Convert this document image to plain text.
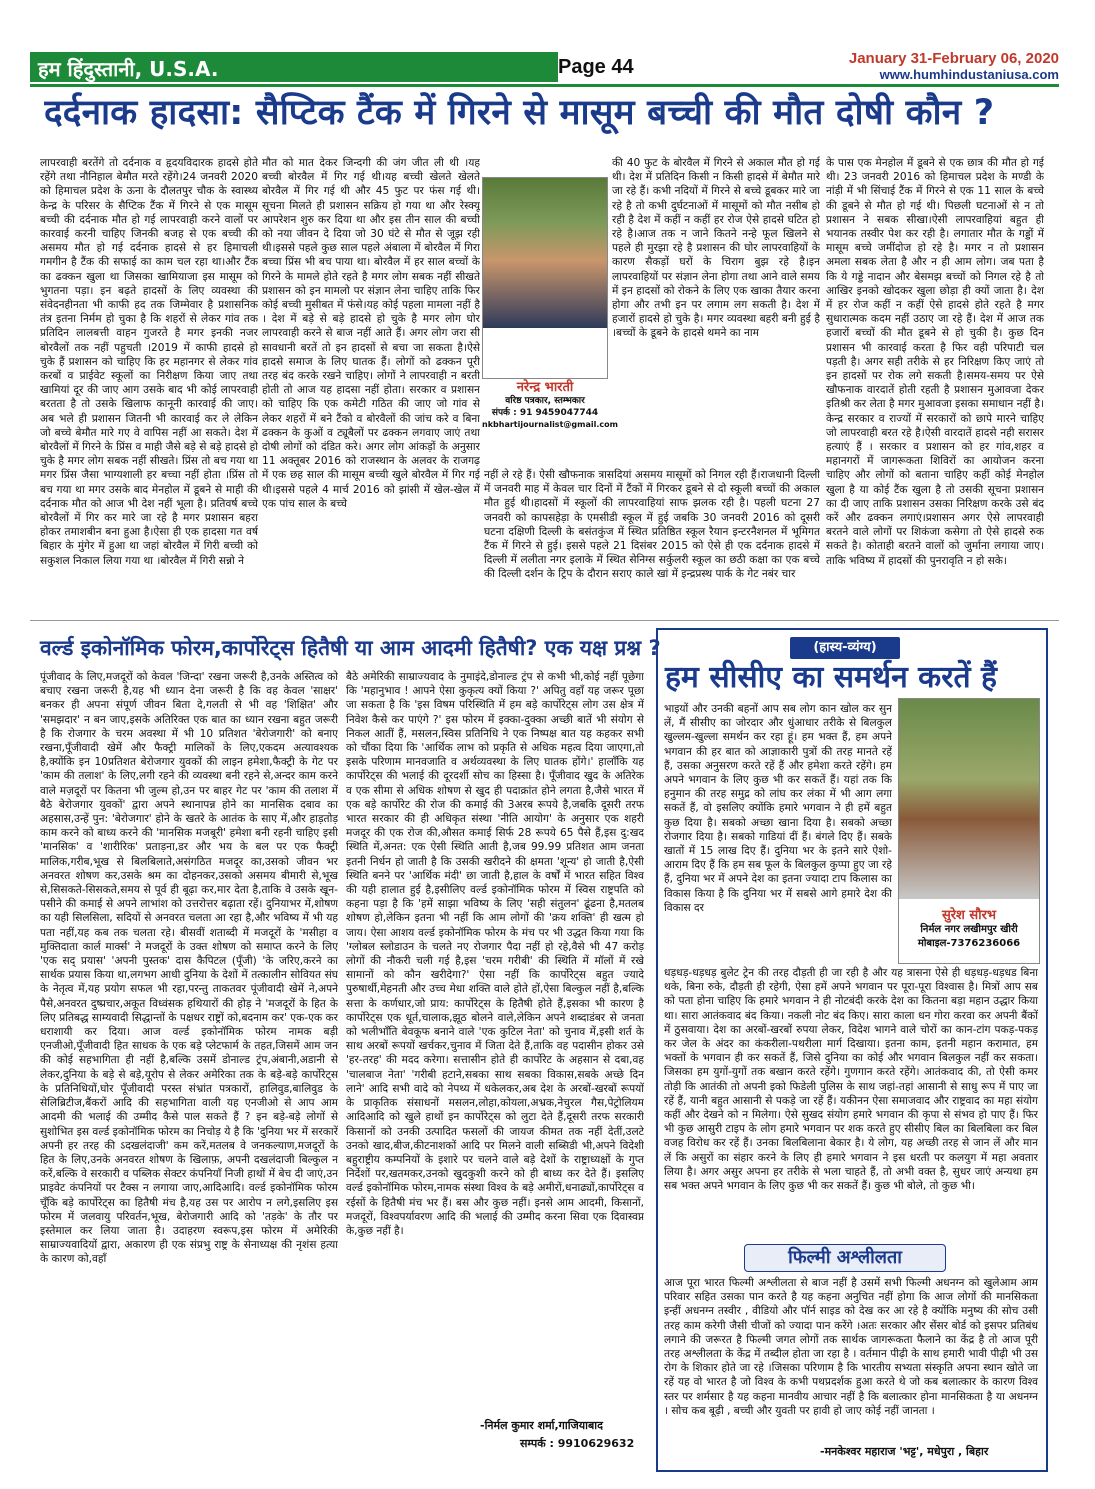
हम हिंदुस्तानी, U.S.A.	Page 44	January 31-February 06, 2020
www.humhindustaniusa.com
दर्दनाक हादसा: सैप्टिक टैंक में गिरने से मासूम बच्ची की मौत दोषी कौन ?
लापरवाही बरतेंगे तो दर्दनाक व हृदयविदारक हादसे होते रहेंगे तथा नौनिहाल बेमौत मरते रहेंगे।24 जनवरी 2020 को हिमाचल प्रदेश के ऊना के दौलतपुर चौक के स्वास्थ्य केन्द्र के परिसर के सैप्टिक टैंक में गिरने से एक मासूम बच्ची की दर्दनाक मौत हो गई लापरवाही करने वालों पर कारवाई करनी चाहिए जिनकी बजह से एक बच्ची की असमय मौत हो गई दर्दनाक हादसे से हर हिमाचली गमगीन है टैंक की सफाई का काम चल रहा था।और टैंक का ढक्कन खुला था जिसका खामियाजा इस मासूम को भुगतना पड़ा। इन बढ़ते हादसों के लिए व्यवस्था की संवेदनहीनता भी काफी हद तक जिम्मेवार है प्रशासनिक तंत्र इतना निर्मम हो चुका है कि शहरों से लेकर गांव तक प्रतिदिन लालबत्ती वाहन गुजरते है मगर इनकी नजर बोरवैलों तक नहीं पहुचती ।2019 में काफी हादसे हो चुके हैं प्रशासन को चाहिए कि हर महानगर से लेकर गांव करबों व प्राईवेट स्कूलों का निरीक्षण किया जाए तथा खामियां दूर की जाए आग उसके बाद भी कोई लापरवाही बरतता है तो उसके खिलाफ कानूनी कारवाई की जाए। अब भले ही प्रशासन जितनी भी कारवाई कर ले लेकिन जो बच्चे बेमौत मारे गए वे वापिस नहीं आ सकते। देश में बोरवैलों में गिरने के प्रिंस व माही जैसे बड़े से बड़े हादसे हो चुके है मगर लोग सबक नहीं सीखते। प्रिंस तो बच गया था मगर प्रिंस जैसा भाग्यशाली हर बच्चा नहीं होता ।प्रिंस तो बच गया था मगर उसके बाद मेनहोल में डूबने से माही की दर्दनाक मौत को आज भी देश नहीं भूला है। प्रतिवर्ष बच्चे बोरवैलों में गिर कर मारे जा रहे है मगर प्रशासन बहरा होकर तमाशबीन बना हुआ है।ऐसा ही एक हादसा गत वर्ष बिहार के मुंगेर में हुआ था जहां बोरवैल में गिरी बच्ची को सकुशल निकाल लिया गया था ।बोरवैल में गिरी सन्नो ने
मौत को मात देकर जिन्दगी की जंग जीत ली थी ।यह बच्ची बोरवैल में गिर गई थी।यह बच्ची खेलते खेलते बोरवैल में गिर गई थी और 45 फुट पर फंस गई थी।सूचना मिलते ही प्रशासन सक्रिय हो गया था और रेस्क्यू आपरेशन शुरु कर दिया था और इस तीन साल की बच्ची को नया जीवन दे दिया जो 30 घंटे से मौत से जूझ रही थी।इससे पहले कुछ साल पहले अंबाला में बोरवैल में गिरा बच्चा प्रिंस भी बच पाया था। बोरवैल में हर साल बच्चों के गिरने के मामले होते रहते है मगर लोग सबक नहीं सीखते प्रशासन को इन मामलो पर संज्ञान लेना चाहिए ताकि फिर कोई बच्ची मुसीबत में फंसे।यह कोई पहला मामला नहीं है । देश में बड़े से बड़े हादसे हो चुके है मगर लोग घोर लापरवाही करने से बाज नहीं आते हैं। अगर लोग जरा सी सावधानी बरतें तो इन हादसों से बचा जा सकता है।ऐसे हादसे समाज के लिए घातक हैं। लोगों को ढक्कन पूरी तरह बंद करके रखने चाहिए। लोगों ने लापरवाही न बरती होती तो आज यह हादसा नहीं होता। सरकार व प्रशासन को चाहिए कि एक कमेटी गठित की जाए जो गांव से लेकर शहरों में बने टैंको व बोरवैलों की जांच करे व बिना ढक्कन के कुओं व ट्यूबैलों पर ढक्कन लगवाए जाएं तथा दोषी लोगों को दंडित करे। अगर लोग आंकड़ों के अनुसार 11 अक्तूबर 2016 को राजस्थान के अलवर के राजगढ़ में एक छह साल की मासूम बच्ची खुले बोरवैल में गिर गई थी।इससे पहले 4 मार्च 2016 को झांसी में खेल-खेल में एक पांच साल के बच्चे
नरेन्द्र भारती
वरिष्ठ पत्रकार, स्तम्भकार
संपर्क : 91 9459047744
nkbhartijournalist@gmail.com
की 40 फुट के बोरवैल में गिरने से अकाल मौत हो गई थी। देश में प्रतिदिन किसी न किसी हादसे में बेमौत मारे जा रहे हैं। कभी नदियों में गिरने से बच्चे डूबकर मारे जा रहे है तो कभी दुर्घटनाओं में मासूमों को मौत नसीब हो रही है देश में कहीं न कहीं हर रोज ऐसे हादसे घटित हो रहे है।आज तक न जाने कितने नन्हे फूल खिलने से पहले ही मुरझा रहे है प्रशासन की घोर लापरवाहियों के कारण सैकड़ों घरों के चिराग बुझ रहे है।इन लापरवाहियों पर संज्ञान लेना होगा तथा आने वाले समय में इन हादसों को रोकने के लिए एक खाका तैयार करना होगा और तभी इन पर लगाम लग सकती है। देश में हजारों हादसे हो चुके है। मगर व्यवस्था बहरी बनी हुई है ।बच्चों के डूबने के हादसे थमने का नाम
नहीं ले रहे हैं। ऐसी खौफनाक त्रासदियां असमय मासूमों को निगल रही हैं।राजधानी दिल्ली में जनवरी माह में केवल चार दिनों में टैंकों में गिरकर डूबने से दो स्कूली बच्चों की अकाल मौत हुई थी।हादसों में स्कूलों की लापरवाहियां साफ झलक रही है। पहली घटना 27 जनवरी को कापसहेड़ा के एमसीडी स्कूल में हुई जबकि 30 जनवरी 2016 को दूसरी घटना दक्षिणी दिल्ली के बसंतकुंज में स्थित प्रतिष्ठित स्कूल रैयान इन्टरनैशनल में भूमिगत टैंक में गिरने से हुई। इससे पहले 21 दिसंबर 2015 को ऐसे ही एक दर्दनाक हादसे में दिल्ली में ललीता नगर इलाके में स्थित सेनिग्स सर्कुलरी स्कूल का छठी कक्षा का एक बच्चे की दिल्ली दर्शन के ट्रिप के दौरान सराए काले खां में इन्द्रप्रस्थ पार्क के गेट नबंर चार
के पास एक मेनहोल में डूबने से एक छात्र की मौत हो गई थी। 23 जनवरी 2016 को हिमाचल प्रदेश के मण्डी के नांड़ी में भी सिंचाई टैंक में गिरने से एक 11 साल के बच्चे की डूबने से मौत हो गई थी। पिछली घटनाओं से न तो प्रशासन ने सबक सीखा।ऐसी लापरवाहियां बहुत ही भयानक तस्वीर पेश कर रही है। लगातार मौत के गड्डों में मासूम बच्चे जमींदोज हो रहे है। मगर न तो प्रशासन अमला सबक लेता है और न ही आम लोग। जब पता है कि ये गड्डे नादान और बेसमझ बच्चों को निगल रहे है तो आखिर इनको खोदकर खुला छोड़ा ही क्यों जाता है। देश में हर रोज कहीं न कहीं ऐसे हादसे होते रहते है मगर सुधारात्मक कदम नहीं उठाए जा रहे हैं। देश में आज तक हजारों बच्चों की मौत डूबने से हो चुकी है। कुछ दिन प्रशासन भी कारवाई करता है फिर वही परिपाटी चल पड़ती है। अगर सही तरीके से हर निरिक्षण किए जाएं तो इन हादसों पर रोक लगे सकती है।समय-समय पर ऐसे खौफनाक वारदातें होती रहती है प्रशासन मुआवजा देकर इतिश्री कर लेता है मगर मुआवजा इसका समाधान नहीं है। केन्द्र सरकार व राज्यों में सरकारों को छापे मारने चाहिए जो लापरवाही बरत रहे है।ऐसी वारदातें हादसे नही सरासर हत्याएं हैं । सरकार व प्रशासन को हर गांव,शहर व महानगरों में जागरूकता शिविरों का आयोजन करना चाहिए और लोगों को बताना चाहिए कहीं कोई मेनहोल खुला है या कोई टैंक खुला है तो उसकी सूचना प्रशासन का दी जाए ताकि प्रशासन उसका निरिक्षण करके उसे बंद करें और ढक्कन लगाएं।प्रशासन अगर ऐसे लापरवाही बरतने वाले लोगों पर शिकंजा कसेगा तो ऐसे हादसे रुक सकते है। कोताही बरतने वालों को जुर्माना लगाया जाए।ताकि भविष्य में हादसों की पुनरावृति न हो सके।
वर्ल्ड इकोनॉमिक फोरम,कार्पोरेट्स हितैषी या आम आदमी हितैषी? एक यक्ष प्रश्न ?
पूंजीवाद के लिए,मजदूरों को केवल 'जिन्दा' रखना जरूरी है,उनके अस्तित्व को बचाए रखना जरूरी है,यह भी ध्यान देना जरूरी है कि वह केवल 'साक्षर' बनकर ही अपना संपूर्ण जीवन बिता दे,गलती से भी वह 'शिक्षित' और 'समझदार' न बन जाए,इसके अतिरिक्त एक बात का ध्यान रखना बहुत जरूरी है कि रोजगार के चरम अवस्था में भी 10 प्रतिशत 'बेरोजगारी' को बनाए रखना,पूँजीवादी खेमें और फैक्ट्री मालिकों के लिए,एकदम अत्यावश्यक है,क्योंकि इन 10प्रतिशत बेरोजगार युवकों की लाइन हमेशा,फैक्ट्री के गेट पर 'काम की तलाश' के लिए,लगी रहने की व्यवस्था बनी रहने से,अन्दर काम करने वाले मज़दूरों पर कितना भी जुल्म हो,उन पर बाहर गेट पर 'काम की तलाश में बैठे बेरोजगार युवकों' द्वारा अपने स्थानापन्न होने का मानसिक दबाव का अहसास,उन्हें पुन: 'बेरोजगार' होने के खतरे के आतंक के साए में,और हाड़तोड़ काम करने को बाध्य करने की 'मानसिक मजबूरी' हमेशा बनी रहनी चाहिए इसी 'मानसिक' व 'शारीरिक' प्रताड़ना,डर और भय के बल पर एक फैक्ट्री मालिक,गरीब,भूख से बिलबिलाते,असंगठित मजदूर का,उसको जीवन भर अनवरत शोषण कर,उसके श्रम का दोहनकर,उसको असमय बीमारी से,भूख से,सिसकते-सिसकते,समय से पूर्व ही बूढ़ा कर,मार देता है,ताकि वे उसके खून-पसीने की कमाई से अपने लाभांश को उत्तरोत्तर बढ़ाता रहें। दुनियाभर में,शोषण का यही सिलसिला, सदियों से अनवरत चलता आ रहा है,और भविष्य में भी यह पता नहीं,यह कब तक चलता रहे। बीसवीं शताब्दी में मजदूरों के 'मसीहा व मुक्तिदाता कार्ल मार्क्स' ने मजदूरों के उक्त शोषण को समाप्त करने के लिए 'एक सद् प्रयास' 'अपनी पुस्तक' दास कैपिटल (पूँजी) 'के जरिए,करने का सार्थक प्रयास किया था,लगभग आधी दुनिया के देशों में तत्कालीन सोवियत संघ के नेतृत्व में,यह प्रयोग सफल भी रहा,परन्तु ताकतवर पूंजीवादी खेमें ने,अपने पैसे,अनवरत दुष्प्रचार,अकूत विध्वंसक हथियारों की होड़ ने 'मजदूरों के हित के लिए प्रतिबद्ध साम्यवादी सिद्धान्तों के पक्षधर राष्ट्रों को,बदनाम कर' एक-एक कर धराशायी कर दिया। आज वर्ल्ड इकोनॉमिक फोरम नामक बड़ी एनजीओ,पूँजीवादी हित साधक के एक बड़े प्लेटफार्म के तहत,जिसमें आम जन की कोई सहभागिता ही नहीं है,बल्कि उसमें डोनाल्ड ट्रंप,अंबानी,अडानी से लेकर,दुनिया के बड़े से बड़े,यूरोप से लेकर अमेरिका तक के बड़े-बड़े कार्पोरेट्स के प्रतिनिधियों,घोर पूँजीवादी परस्त संभ्रांत पत्रकारों, हालिवुड,बालिवुड के सेलिब्रिटीज,बैंकरों आदि की सहभागिता वाली यह एनजीओ से आप आम आदमी की भलाई की उम्मीद कैसे पाल सकते हैं ? इन बड़े-बड़े लोगों से सुशोभित इस वर्ल्ड इकोनॉमिक फोरम का निचोड़ ये है कि 'दुनिया भर में सरकारें अपनी हर तरह की ऽदखलंदाजी' कम करें,मतलब वे जनकल्याण,मजदूरों के हित के लिए,उनके अनवरत शोषण के खिलाफ़, अपनी दखलंदाजी बिल्कुल न करें,बल्कि वे सरकारी व पब्लिक सेक्टर कंपनियाँ निजी हाथों में बेच दी जाएं,उन प्राइवेट कंपनियों पर टैक्स न लगाया जाए,आदिआदि। वर्ल्ड इकोनॉमिक फोरम चूँकि बड़े कार्पोरेट्स का हितैषी मंच है,यह उस पर आरोप न लगे,इसलिए इस फोरम में जलवायु परिवर्तन,भूख, बेरोजगारी आदि को 'तड़के' के तौर पर इस्तेमाल कर लिया जाता है। उदाहरण स्वरूप,इस फोरम में अमेरिकी साम्राज्यवादियों द्वारा, अकारण ही एक संप्रभु राष्ट्र के सेनाध्यक्ष की नृशंस हत्या के कारण को,वहाँ
बैठे अमेरिकी साम्राज्यवाद के नुमाइंदे,डोनाल्ड ट्रंप से कभी भी,कोई नहीं पूछेगा कि 'महानुभाव ! आपने ऐसा कुकृत्य क्यों किया ?' अपितु वहाँ यह जरूर पूछा जा सकता है कि 'इस विषम परिस्थिति में हम बड़े कार्पोरेट्स लोग उस क्षेत्र में निवेश कैसे कर पाएंगे ?' इस फोरम में इक्का-दुक्का अच्छी बातें भी संयोग से निकल आतीं हैं, मसलन,स्विस प्रतिनिधि ने एक निष्पक्ष बात यह कहकर सभी को चौंका दिया कि 'आर्थिक लाभ को प्रकृति से अधिक महत्व दिया जाएगा,तो इसके परिणाम मानवजाति व अर्थव्यवस्था के लिए घातक होंगे।' हालाँकि यह कार्पोरेट्स की भलाई की दूरदर्शी सोच का हिस्सा है। पूँजीवाद खुद के अतिरेक व एक सीमा से अधिक शोषण से खुद ही पदाक्रांत होने लगता है,जैसे भारत में एक बड़े कार्पोरेट की रोज की कमाई की 3अरब रूपये है,जबकि दूसरी तरफ भारत सरकार की ही अधिकृत संस्था 'नीति आयोग' के अनुसार एक शहरी मजदूर की एक रोज की,औसत कमाई सिर्फ 28 रूपये 65 पैसे हैं,इस दु:खद स्थिति में,अनत: एक ऐसी स्थिति आती है,जब 99.99 प्रतिशत आम जनता इतनी निर्धन हो जाती है कि उसकी खरीदने की क्षमता 'शून्य' हो जाती है,ऐसी स्थिति बनने पर 'आर्थिक मंदी' छा जाती है,हाल के वर्षों में भारत सहित विश्व की यही हालात हुई है,इसीलिए वर्ल्ड इकोनॉमिक फोरम में स्विस राष्ट्रपति को कहना पड़ा है कि 'हमें साझा भविष्य के लिए 'सही संतुलन' ढूंढना है,मतलब शोषण हो,लेकिन इतना भी नहीं कि आम लोगों की 'क्रय शक्ति' ही खत्म हो जाय। ऐसा आशय वर्ल्ड इकोनॉमिक फोरम के मंच पर भी उद्धत किया गया कि 'ग्लोबल स्लोडाउन के चलते नए रोजगार पैदा नहीं हो रहे,वैसे भी 47 करोड़ लोगों की नौकरी चली गई है,इस 'चरम गरीबी' की स्थिति में मॉलों में रखे सामानों को कौन खरीदेगा?' ऐसा नहीं कि कार्पोरेट्स बहुत ज्यादे पुरुषार्थी,मेहनती और उच्च मेधा शक्ति वाले होते हों,ऐसा बिल्कुल नहीं है,बल्कि सत्ता के कर्णधार,जो प्राय: कार्पोरेट्स के हितैषी होते हैं,इसका भी कारण है कार्पोरेट्स एक धूर्त,चालाक,झूठ बोलने वाले,लेकिन अपने शब्दाडंबर से जनता को भलीभाँति बेवकूफ बनाने वाले 'एक कुटिल नेता' को चुनाव में,इसी शर्त के साथ अरबों रूपयों खर्चकर,चुनाव में जिता देते हैं,ताकि वह पदासीन होकर उसे 'हर-तरह' की मदद करेगा। सत्तासीन होते ही कार्पोरेट के अहसान से दबा,वह 'चालबाज नेता' 'गरीबी हटाने,सबका साथ सबका विकास,सबके अच्छे दिन लाने' आदि सभी वादे को नेपथ्य में धकेलकर,अब देश के अरबों-खरबों रूपयों के प्राकृतिक संसाधनों मसलन,लोहा,कोयला,अभ्रक,नेचुरल गैस,पेट्रोलियम आदिआदि को खुले हाथों इन कार्पोरेट्स को लुटा देते हैं,दूसरी तरफ सरकारी किसानों को उनकी उत्पादित फसलों की जायज कीमत तक नहीं देतीं,उलटे उनको खाद,बीज,कीटनाशकों आदि पर मिलने वाली सब्सिडी भी,अपने विदेशी बहुराष्ट्रीय कम्पनियों के इशारे पर चलने वाले बड़े देशों के राष्ट्राध्यक्षों के गुप्त निर्देशों पर,खतमकर,उनको खुदकुशी करने को ही बाध्य कर देते हैं। इसलिए वर्ल्ड इकोनॉमिक फोरम,नामक संस्था विश्व के बड़े अमीरों,धनाढ्यों,कार्पोरेट्स व रईसों के हितैषी मंच भर हैं। बस और कुछ नहीं। इनसे आम आदमी, किसानों, मजदूरों, विश्वपर्यावरण आदि की भलाई की उम्मीद करना सिवा एक दिवास्वप्न के,कुछ नहीं है।
-निर्मल कुमार शर्मा,गाजियाबाद
सम्पर्क : 9910629632
(हास्य-व्यंग्य)
हम सीसीए का समर्थन करतें हैं
भाइयों और उनकी बहनों आप सब लोग कान खोल कर सुन लें, मैं सीसीए का जोरदार और धुंआधार तरीके से बिलकुल खुल्लम-खुल्ला समर्थन कर रहा हूं। हम भक्त हैं, हम अपने भगवान की हर बात को आज्ञाकारी पुत्रों की तरह मानते रहें हैं, उसका अनुसरण करते रहें हैं और हमेशा करते रहेंगे। हम अपने भगवान के लिए कुछ भी कर सकतें हैं। यहां तक कि हनुमान की तरह समुद्र को लांघ कर लंका में भी आग लगा सकतें हैं, वो इसलिए क्योंकि हमारे भगवान ने ही हमें बहुत कुछ दिया है। सबको अच्छा खाना दिया है। सबको अच्छा रोजगार दिया है। सबको गाडियां दीं हैं। बंगले दिए हैं। सबके खातों में 15 लाख दिए हैं। दुनिया भर के इतने सारे ऐशो-आराम दिए हैं कि हम सब फूल के बिलकुल कुप्पा हुए जा रहे हैं, दुनिया भर में अपने देश का इतना ज्यादा टाप किलास का विकास किया है कि दुनिया भर में सबसे आगे हमारे देश की विकास दर
सुरेश सौरभ
निर्मल नगर लखीमपुर खीरी
मोबाइल-7376236066
धड़धड़-धड़धड़ बुलेट ट्रेन की तरह दौड़ती ही जा रही है और यह त्रासना ऐसे ही धड़धड़-धड़धड बिना थके, बिना रुके, दौड़ती ही रहेगी, ऐसा हमें अपने भगवान पर पूरा-पूरा विश्वास है। मित्रों आप सब को पता होना चाहिए कि हमारे भगवान ने ही नोटबंदी करके देश का कितना बड़ा महान उद्धार किया था। सारा आतंकवाद बंद किया। नकली नोट बंद किए। सारा काला धन गोरा करवा कर अपनी बैंकों में ठुसवाया। देश का अरबों-खरबों रुपया लेकर, विदेश भागने वाले चोरों का कान-टांग पकड़-पकड़ कर जेल के अंदर का कंकरीला-पथरीला मार्ग दिखाया। इतना काम, इतनी महान करामात, हम भक्तों के भगवान ही कर सकतें हैं, जिसे दुनिया का कोई और भगवान बिलकुल नहीं कर सकता। जिसका हम युगों-युगों तक बखान करते रहेंगे। गुणगान करते रहेंगे। आतंकवाद की, तो ऐसी कमर तोड़ी कि आतंकी तो अपनी इको फिडेली पुलिस के साथ जहां-तहां आसानी से साधु रूप में पाए जा रहें हैं, यानी बहुत आसानी से पकड़े जा रहें हैं। यकीनन ऐसा समाजवाद और राष्ट्रवाद का महा संयोग कहीं और देखने को न मिलेगा। ऐसे सुखद संयोग हमारे भगवान की कृपा से संभव हो पाए हैं। फिर भी कुछ आसुरी टाइप के लोग हमारे भगवान पर शक करते हुए सीसीए बिल का बिलबिला कर बिल वजह विरोध कर रहें हैं। उनका बिलबिलाना बेकार है। ये लोग, यह अच्छी तरह से जान लें और मान लें कि असुरों का संहार करने के लिए ही हमारे भगवान ने इस धरती पर कलयुग में महा अवतार लिया है। अगर असुर अपना हर तरीके से भला चाहते हैं, तो अभी वक्त है, सुधर जाएं अन्यथा हम सब भक्त अपने भगवान के लिए कुछ भी कर सकतें हैं। कुछ भी बोले, तो कुछ भी।
फिल्मी अश्लीलता
आज पूरा भारत फिल्मी अश्लीलता से बाज नहीं है उसमें सभी फिल्मी अधनग्न को खुलेआम आम परिवार सहित उसका पान करते है यह कहना अनुचित नहीं होगा कि आज लोगों की मानसिकता इन्हीं अधनग्न तस्वीर , वीडियो और पॉर्न साइड को देख कर आ रहे है क्योंकि मनुष्य की सोच उसी तरह काम करेगी जैसी चीजों को ज्यादा पान करेंगे ।अतः सरकार और सेंसर बोर्ड को इसपर प्रतिबंध लगाने की जरूरत है फिल्मी जगत लोगों तक सार्थक जागरूकता फैलाने का केंद्र है तो आज पूरी तरह अश्लीलता के केंद्र में तब्दील होता जा रहा है । वर्तमान पीढ़ी के साथ हमारी भावी पीढ़ी भी उस रोग के शिकार होते जा रहे ।जिसका परिणाम है कि भारतीय सभ्यता संस्कृति अपना स्थान खोते जा रहें यह वो भारत है जो विश्व के कभी पथप्रदर्शक हुआ करते थे जो कब बलात्कार के कारण विश्व स्तर पर शर्मसार है यह कहना मानवीय आचार नहीं है कि बलात्कार होना मानसिकता है या अधनग्न । सोच कब बूढ़ी , बच्ची और युवती पर हावी हो जाए कोई नहीं जानता ।
-मनकेश्वर महाराज 'भट्ट', मधेपुरा , बिहार
